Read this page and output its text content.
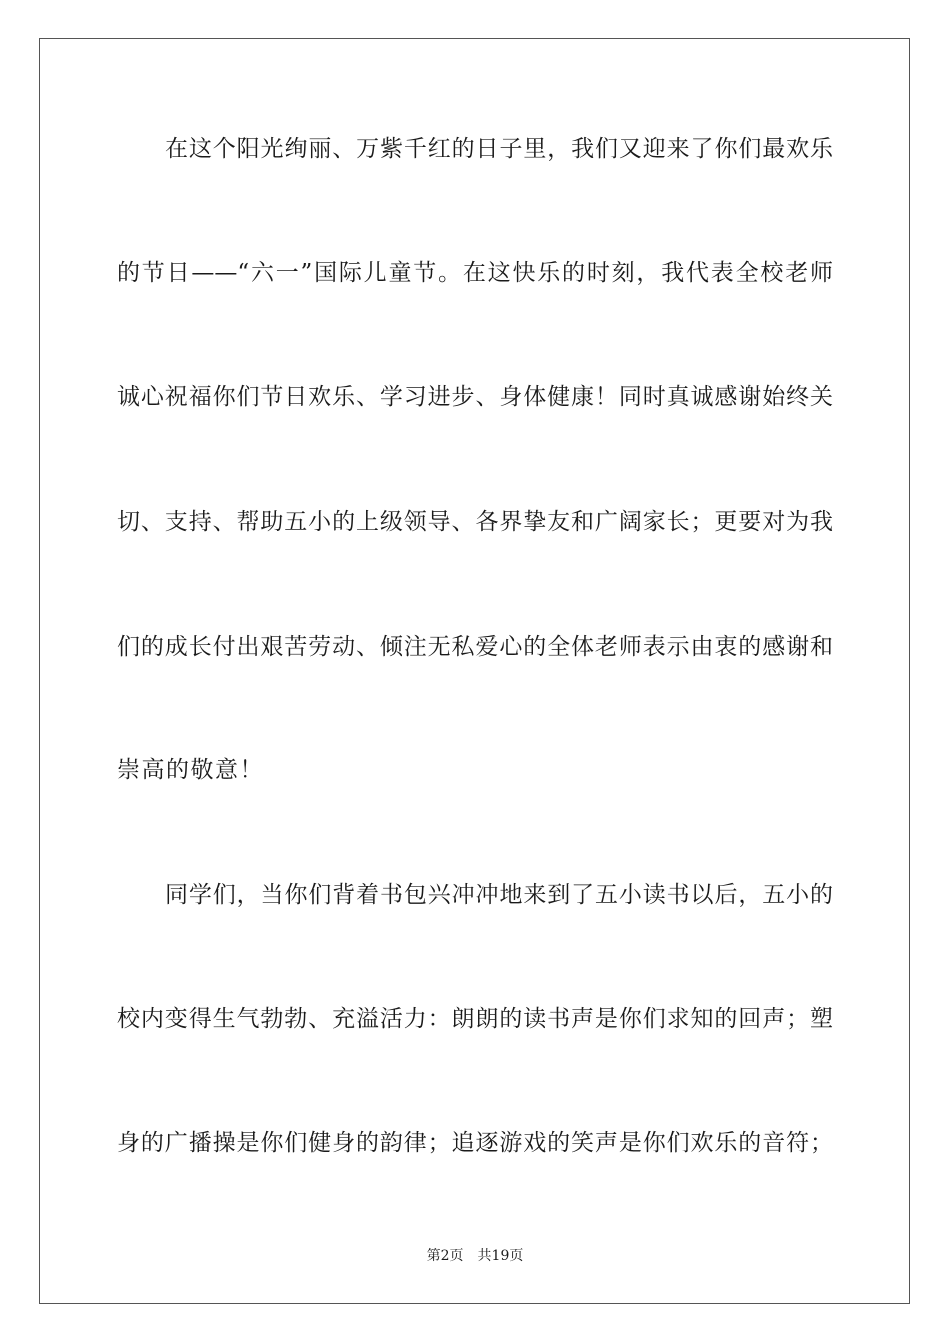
在这个阳光绚丽、万紫千红的日子里，我们又迎来了你们最欢乐
的节日——“六一”国际儿童节。在这快乐的时刻，我代表全校老师
诚心祝福你们节日欢乐、学习进步、身体健康！同时真诚感谢始终关
切、支持、帮助五小的上级领导、各界挚友和广阔家长；更要对为我
们的成长付出艰苦劳动、倾注无私爱心的全体老师表示由衷的感谢和
崇高的敬意！
同学们，当你们背着书包兴冲冲地来到了五小读书以后，五小的
校内变得生气勃勃、充溢活力：朗朗的读书声是你们求知的回声；塑
身的广播操是你们健身的韵律；追逐游戏的笑声是你们欢乐的音符；
第2页 共19页
